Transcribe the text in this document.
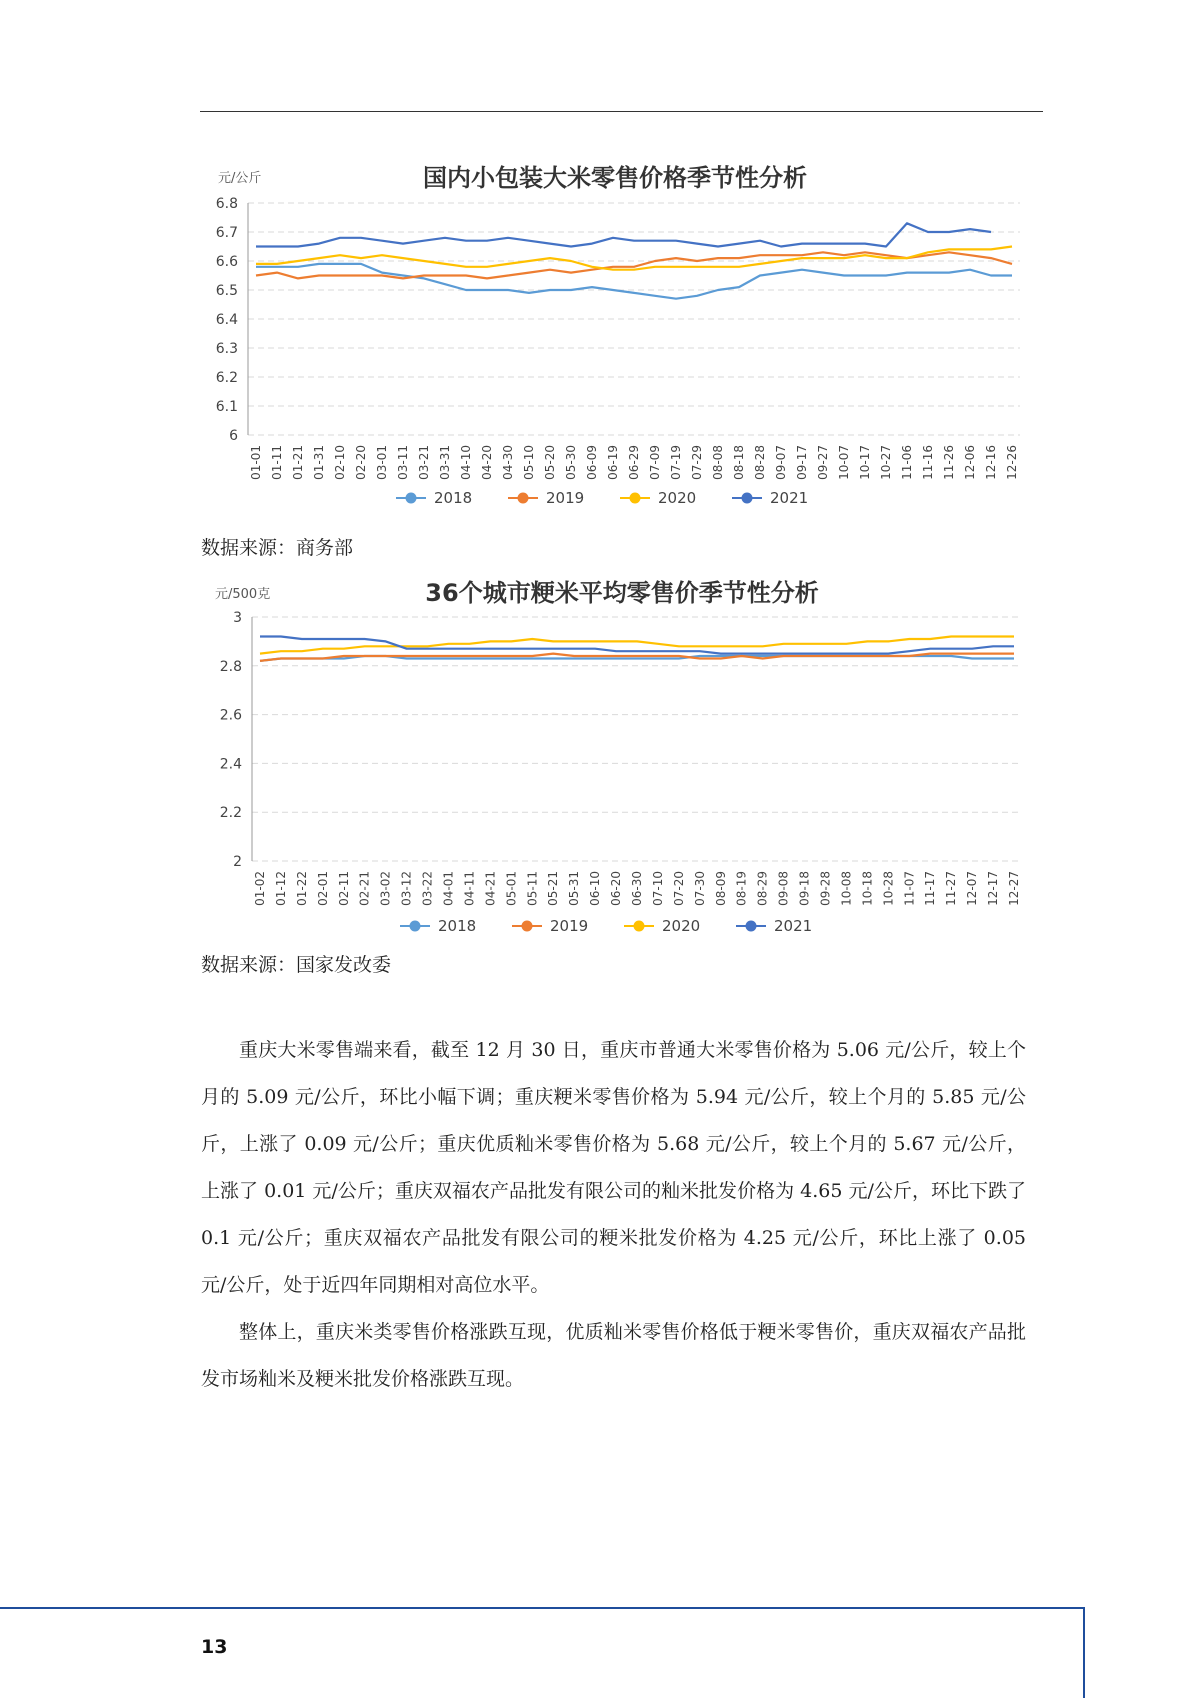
国内小包装大米零售价格季节性分析
元/公斤
6.8
6.7
6.6
6.5
6.4
6.3
6.2
6.1
6
01-01 01-11 01-21 01-31 02-10 02-20 03-01 03-11 03-21 03-31 04-10 04-20 04-30 05-10 05-20 05-30 06-09 06-19 06-29 07-09 07-19 07-29 08-08 08-18 08-28 09-07 09-17 09-27 10-07 10-17 10-27 11-06 11-16 11-26 12-06 12-16 12-26
2018	2019	2020	2021
数据来源：商务部
36个城市粳米平均零售价季节性分析
元/500克
3
2.8
2.6
2.4
2.2
2
01-02 01-12 01-22 02-01 02-11 02-21 03-02 03-12 03-22 04-01 04-11 04-21 05-01 05-11 05-21 05-31 06-10 06-20 06-30 07-10 07-20 07-30 08-09 08-19 08-29 09-08 09-18 09-28 10-08 10-18 10-28 11-07 11-17 11-27 12-07 12-17 12-27
2018	2019	2020	2021
数据来源：国家发改委

重庆大米零售端来看，截至 12 月 30 日，重庆市普通大米零售价格为 5.06 元/公斤，较上个月的 5.09 元/公斤，环比小幅下调；重庆粳米零售价格为 5.94 元/公斤，较上个月的 5.85 元/公斤，上涨了 0.09 元/公斤；重庆优质籼米零售价格为 5.68 元/公斤，较上个月的 5.67 元/公斤，上涨了 0.01 元/公斤；重庆双福农产品批发有限公司的籼米批发价格为 4.65 元/公斤，环比下跌了 0.1 元/公斤；重庆双福农产品批发有限公司的粳米批发价格为 4.25 元/公斤，环比上涨了 0.05 元/公斤，处于近四年同期相对高位水平。

整体上，重庆米类零售价格涨跌互现，优质籼米零售价格低于粳米零售价，重庆双福农产品批发市场籼米及粳米批发价格涨跌互现。

13
